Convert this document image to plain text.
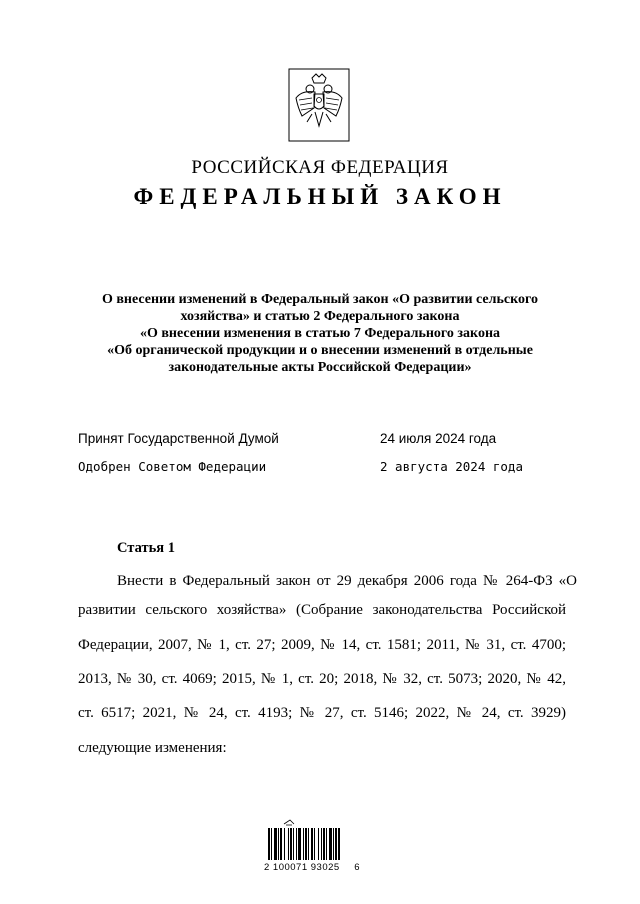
РОССИЙСКАЯ ФЕДЕРАЦИЯ
ФЕДЕРАЛЬНЫЙ ЗАКОН
О внесении изменений в Федеральный закон «О развитии сельского
хозяйства» и статью 2 Федерального закона
«О внесении изменения в статью 7 Федерального закона
«Об органической продукции и о внесении изменений в отдельные
законодательные акты Российской Федерации»
Принят Государственной Думой	24 июля 2024 года
Одобрен Советом Федерации	2 августа 2024 года
Статья 1
Внести в Федеральный закон от 29 декабря 2006 года № 264-ФЗ «О
развитии сельского хозяйства» (Собрание законодательства Российской
Федерации, 2007, № 1, ст. 27; 2009, № 14, ст. 1581; 2011, № 31, ст. 4700;
2013, № 30, ст. 4069; 2015, № 1, ст. 20; 2018, № 32, ст. 5073; 2020, № 42,
ст. 6517; 2021, № 24, ст. 4193; № 27, ст. 5146; 2022, № 24, ст. 3929)
следующие изменения:
2 100071 93025 6
